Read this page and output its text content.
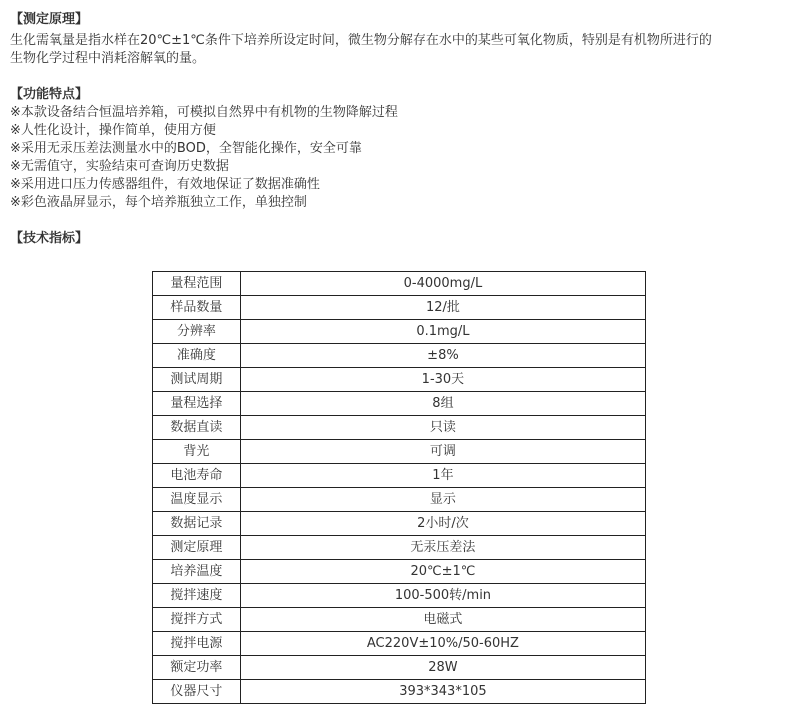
【测定原理】
生化需氧量是指水样在20℃±1℃条件下培养所设定时间，微生物分解存在水中的某些可氧化物质，特别是有机物所进行的
生物化学过程中消耗溶解氧的量。
【功能特点】
※本款设备结合恒温培养箱，可模拟自然界中有机物的生物降解过程
※人性化设计，操作简单，使用方便
※采用无汞压差法测量水中的BOD，全智能化操作，安全可靠
※无需值守，实验结束可查询历史数据
※采用进口压力传感器组件，有效地保证了数据准确性
※彩色液晶屏显示，每个培养瓶独立工作，单独控制
【技术指标】
量程范围	0-4000mg/L
样品数量	12/批
分辨率	0.1mg/L
准确度	±8%
测试周期	1-30天
量程选择	8组
数据直读	只读
背光	可调
电池寿命	1年
温度显示	显示
数据记录	2小时/次
测定原理	无汞压差法
培养温度	20℃±1℃
搅拌速度	100-500转/min
搅拌方式	电磁式
搅拌电源	AC220V±10%/50-60HZ
额定功率	28W
仪器尺寸	393*343*105
